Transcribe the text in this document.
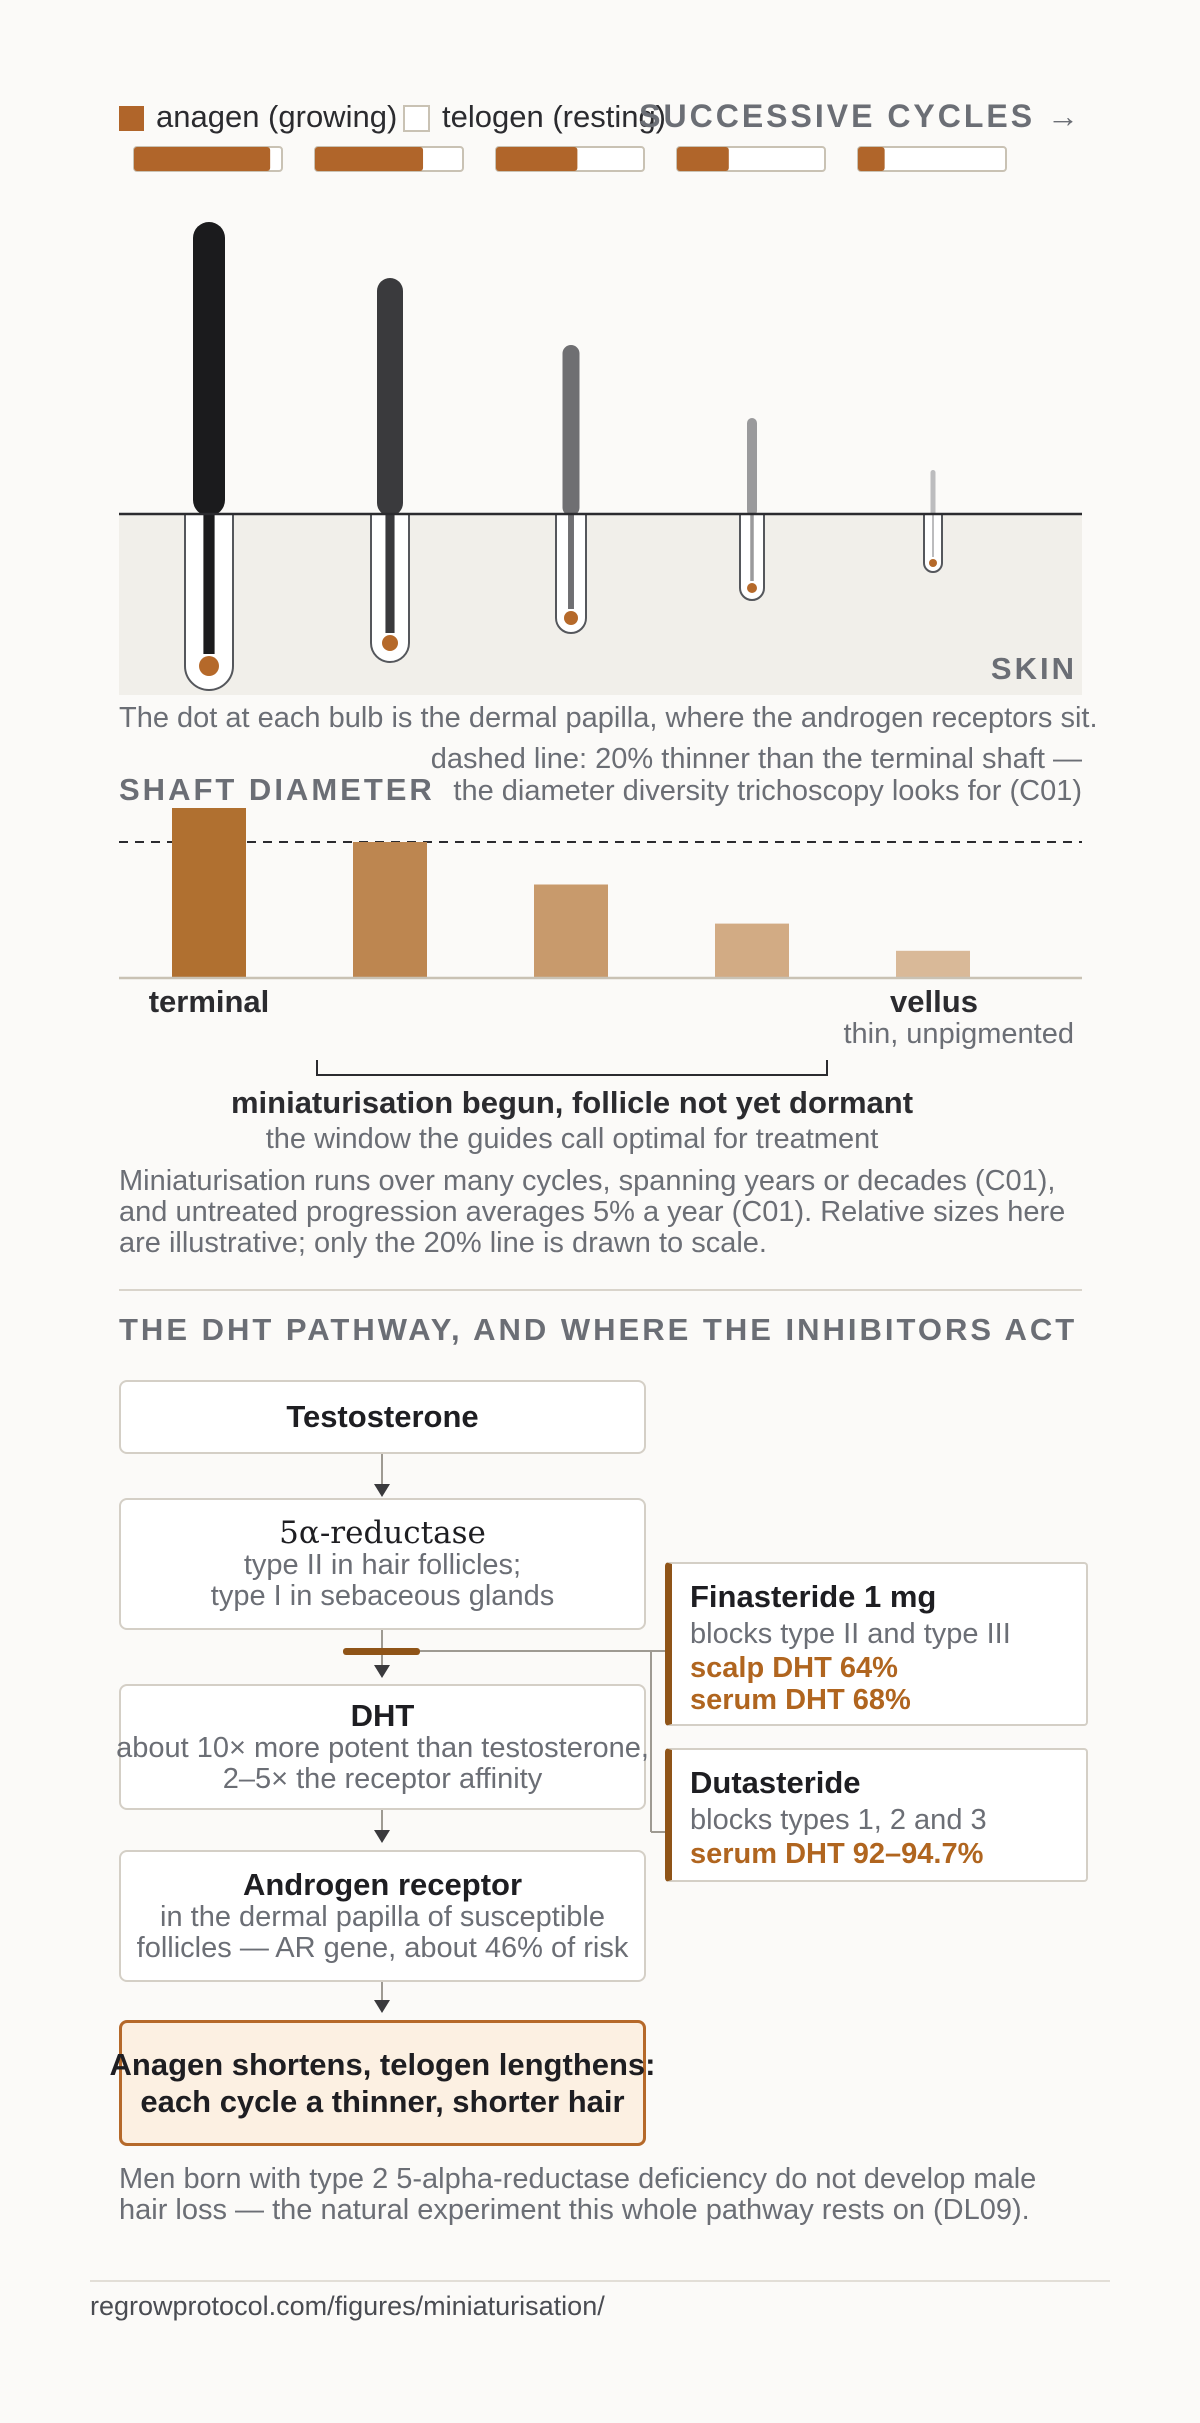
anagen (growing) telogen (resting)
SUCCESSIVE CYCLES →
SKIN

The dot at each bulb is the dermal papilla, where the androgen receptors sit.

SHAFT DIAMETER
dashed line: 20% thinner than the terminal shaft —
the diameter diversity trichoscopy looks for (C01)
terminal	vellus
thin, unpigmented
miniaturisation begun, follicle not yet dormant
the window the guides call optimal for treatment
Miniaturisation runs over many cycles, spanning years or decades (C01),
and untreated progression averages 5% a year (C01). Relative sizes here
are illustrative; only the 20% line is drawn to scale.

THE DHT PATHWAY, AND WHERE THE INHIBITORS ACT

Testosterone
5α-reductase
type II in hair follicles;
type I in sebaceous glands
DHT
about 10× more potent than testosterone,
2–5× the receptor affinity
Androgen receptor
in the dermal papilla of susceptible
follicles — AR gene, about 46% of risk
Anagen shortens, telogen lengthens:
each cycle a thinner, shorter hair
Finasteride 1 mg
blocks type II and type III
scalp DHT 64%
serum DHT 68%
Dutasteride
blocks types 1, 2 and 3
serum DHT 92–94.7%
Men born with type 2 5-alpha-reductase deficiency do not develop male
hair loss — the natural experiment this whole pathway rests on (DL09).
regrowprotocol.com/figures/miniaturisation/
